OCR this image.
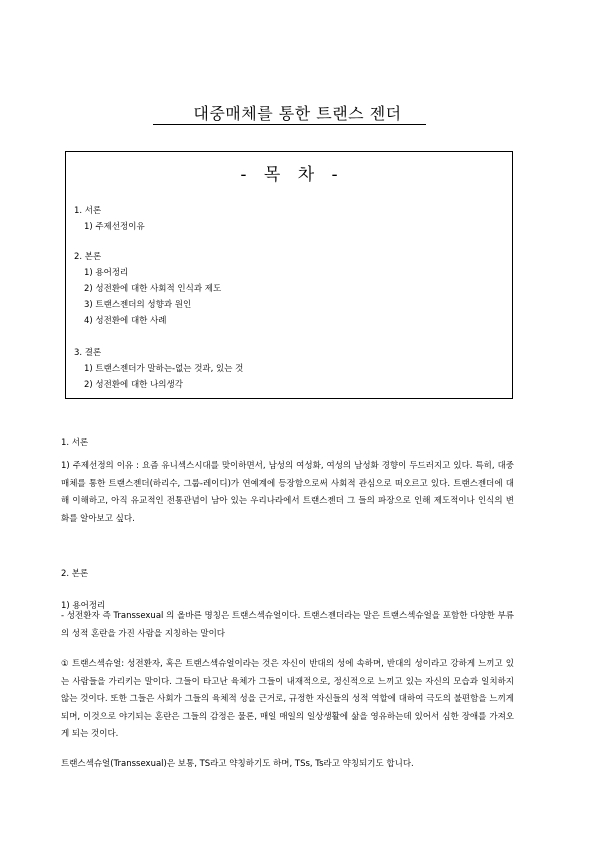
대중매체를 통한 트랜스 젠더
- 목 차 -
1. 서론
1) 주제선정이유
2. 본론
1) 용어정리
2) 성전환에 대한 사회적 인식과 제도
3) 트랜스젠더의 성향과 원인
4) 성전환에 대한 사례
3. 결론
1) 트랜스젠더가 말하는-없는 것과, 있는 것
2) 성전환에 대한 나의생각

1. 서론

1) 주제선정의 이유 : 요즘 유니섹스시대를 맞이하면서, 남성의 여성화, 여성의 남성화 경향이 두드러지고 있다. 특히, 대중매체를 통한 트랜스젠더(하리수, 그룹-레이디)가 연예계에 등장함으로써 사회적 관심으로 떠오르고 있다. 트랜스젠더에 대해 이해하고, 아직 유교적인 전통관념이 남아 있는 우리나라에서 트랜스젠더 그 들의 파장으로 인해 제도적이나 인식의 변화를 알아보고 싶다.

2. 본론

1) 용어정리

- 성전환자 즉 Transsexual 의 올바른 명칭은 트랜스섹슈얼이다. 트랜스젠더라는 말은 트랜스섹슈얼을 포함한 다양한 부류의 성적 혼란을 가진 사람을 지칭하는 말이다

① 트랜스섹슈얼: 성전환자, 혹은 트랜스섹슈얼이라는 것은 자신이 반대의 성에 속하며, 반대의 성이라고 강하게 느끼고 있는 사람들을 가리키는 말이다. 그들이 타고난 육체가 그들이 내재적으로, 정신적으로 느끼고 있는 자신의 모습과 일치하지 않는 것이다. 또한 그들은 사회가 그들의 육체적 성을 근거로, 규정한 자신들의 성적 역할에 대하여 극도의 불편함을 느끼게 되며, 이것으로 야기되는 혼란은 그들의 감정은 물론, 매일 매일의 일상생활에 삶을 영유하는데 있어서 심한 장애를 가져오게 되는 것이다.

트랜스섹슈얼(Transsexual)은 보통, TS라고 약칭하기도 하며, TSs, Ts라고 약칭되기도 합니다.
